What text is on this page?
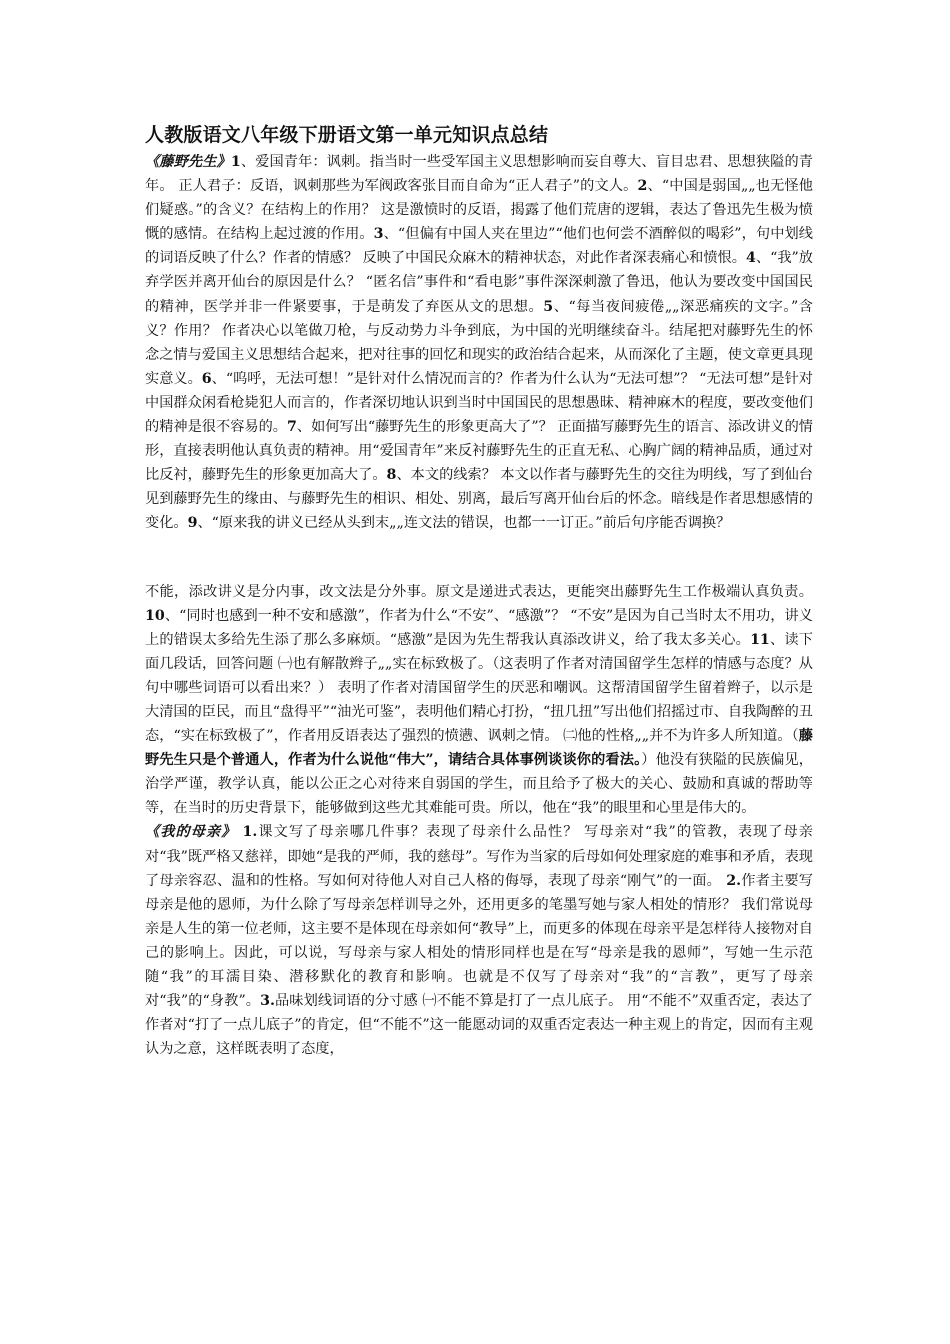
人教版语文八年级下册语文第一单元知识点总结

《藤野先生》1、爱国青年：讽刺。指当时一些受军国主义思想影响而妄自尊大、盲目忠君、思想狭隘的青年。 正人君子：反语，讽刺那些为军阀政客张目而自命为“正人君子”的文人。2、“中国是弱国„„也无怪他们疑惑。”的含义？在结构上的作用？ 这是激愤时的反语，揭露了他们荒唐的逻辑，表达了鲁迅先生极为愤慨的感情。在结构上起过渡的作用。3、“但偏有中国人夹在里边”“他们也何尝不酒醉似的喝彩”，句中划线的词语反映了什么？作者的情感？ 反映了中国民众麻木的精神状态，对此作者深表痛心和愤恨。4、“我”放弃学医并离开仙台的原因是什么？ “匿名信”事件和“看电影”事件深深刺激了鲁迅，他认为要改变中国国民的精神，医学并非一件紧要事，于是萌发了弃医从文的思想。5、“每当夜间疲倦„„深恶痛疾的文字。”含义？作用？ 作者决心以笔做刀枪，与反动势力斗争到底，为中国的光明继续奋斗。结尾把对藤野先生的怀念之情与爱国主义思想结合起来，把对往事的回忆和现实的政治结合起来，从而深化了主题，使文章更具现实意义。6、“呜呼，无法可想！”是针对什么情况而言的？作者为什么认为“无法可想”？ “无法可想”是针对中国群众闲看枪毙犯人而言的，作者深切地认识到当时中国国民的思想愚昧、精神麻木的程度，要改变他们的精神是很不容易的。7、如何写出“藤野先生的形象更高大了”？ 正面描写藤野先生的语言、添改讲义的情形，直接表明他认真负责的精神。用“爱国青年”来反衬藤野先生的正直无私、心胸广阔的精神品质，通过对比反衬，藤野先生的形象更加高大了。8、本文的线索？ 本文以作者与藤野先生的交往为明线，写了到仙台见到藤野先生的缘由、与藤野先生的相识、相处、别离，最后写离开仙台后的怀念。暗线是作者思想感情的变化。9、“原来我的讲义已经从头到末„„连文法的错误，也都一一订正。”前后句序能否调换？

不能，添改讲义是分内事，改文法是分外事。原文是递进式表达，更能突出藤野先生工作极端认真负责。 10、“同时也感到一种不安和感激”，作者为什么“不安”、“感激”？ “不安”是因为自己当时太不用功，讲义上的错误太多给先生添了那么多麻烦。“感激”是因为先生帮我认真添改讲义，给了我太多关心。11、读下面几段话，回答问题 ㈠也有解散辫子„„实在标致极了。（这表明了作者对清国留学生怎样的情感与态度？从句中哪些词语可以看出来？） 表明了作者对清国留学生的厌恶和嘲讽。这帮清国留学生留着辫子，以示是大清国的臣民，而且“盘得平”“油光可鉴”，表明他们精心打扮，“扭几扭”写出他们招摇过市、自我陶醉的丑态，“实在标致极了”，作者用反语表达了强烈的愤懑、讽刺之情。 ㈡他的性格„„并不为许多人所知道。（藤野先生只是个普通人，作者为什么说他“伟大”，请结合具体事例谈谈你的看法。）他没有狭隘的民族偏见，治学严谨，教学认真，能以公正之心对待来自弱国的学生，而且给予了极大的关心、鼓励和真诚的帮助等等，在当时的历史背景下，能够做到这些尤其难能可贵。所以，他在“我”的眼里和心里是伟大的。

《我的母亲》 1.课文写了母亲哪几件事？表现了母亲什么品性？ 写母亲对“我”的管教，表现了母亲对“我”既严格又慈祥，即她“是我的严师，我的慈母”。写作为当家的后母如何处理家庭的难事和矛盾，表现了母亲容忍、温和的性格。写如何对待他人对自己人格的侮辱，表现了母亲“刚气”的一面。 2.作者主要写母亲是他的恩师，为什么除了写母亲怎样训导之外，还用更多的笔墨写她与家人相处的情形？ 我们常说母亲是人生的第一位老师，这主要不是体现在母亲如何“教导”上，而更多的体现在母亲平是怎样待人接物对自己的影响上。因此，可以说，写母亲与家人相处的情形同样也是在写“母亲是我的恩师”，写她一生示范随“我”的耳濡目染、潜移默化的教育和影响。也就是不仅写了母亲对“我”的“言教”，更写了母亲对“我”的“身教”。3.品味划线词语的分寸感 ㈠不能不算是打了一点儿底子。 用“不能不”双重否定，表达了作者对“打了一点儿底子”的肯定，但“不能不”这一能愿动词的双重否定表达一种主观上的肯定，因而有主观认为之意，这样既表明了态度，
